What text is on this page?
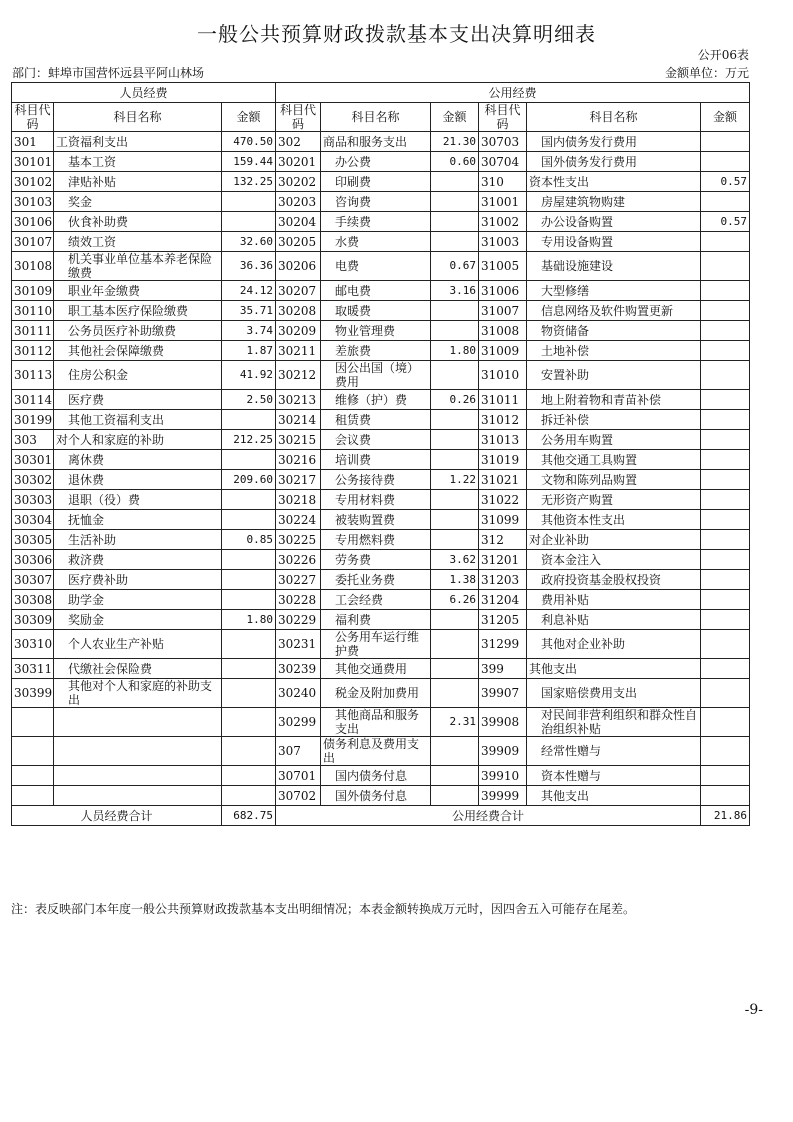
一般公共预算财政拨款基本支出决算明细表
公开06表
部门：蚌埠市国营怀远县平阿山林场	金额单位：万元
人员经费			公用经费					
科目代码	科目名称	金额	科目代码	科目名称	金额	科目代码	科目名称	金额
301	工资福利支出	470.50	302	商品和服务支出	21.30	30703	国内债务发行费用	
30101	基本工资	159.44	30201	办公费	0.60	30704	国外债务发行费用	
30102	津贴补贴	132.25	30202	印刷费		310	资本性支出	0.57
30103	奖金		30203	咨询费		31001	房屋建筑物购建	
30106	伙食补助费		30204	手续费		31002	办公设备购置	0.57
30107	绩效工资	32.60	30205	水费		31003	专用设备购置	
30108	机关事业单位基本养老保险缴费	36.36	30206	电费	0.67	31005	基础设施建设	
30109	职业年金缴费	24.12	30207	邮电费	3.16	31006	大型修缮	
30110	职工基本医疗保险缴费	35.71	30208	取暖费		31007	信息网络及软件购置更新	
30111	公务员医疗补助缴费	3.74	30209	物业管理费		31008	物资储备	
30112	其他社会保障缴费	1.87	30211	差旅费	1.80	31009	土地补偿	
30113	住房公积金	41.92	30212	因公出国（境）费用		31010	安置补助	
30114	医疗费	2.50	30213	维修（护）费	0.26	31011	地上附着物和青苗补偿	
30199	其他工资福利支出		30214	租赁费		31012	拆迁补偿	
303	对个人和家庭的补助	212.25	30215	会议费		31013	公务用车购置	
30301	离休费		30216	培训费		31019	其他交通工具购置	
30302	退休费	209.60	30217	公务接待费	1.22	31021	文物和陈列品购置	
30303	退职（役）费		30218	专用材料费		31022	无形资产购置	
30304	抚恤金		30224	被装购置费		31099	其他资本性支出	
30305	生活补助	0.85	30225	专用燃料费		312	对企业补助	
30306	救济费		30226	劳务费	3.62	31201	资本金注入	
30307	医疗费补助		30227	委托业务费	1.38	31203	政府投资基金股权投资	
30308	助学金		30228	工会经费	6.26	31204	费用补贴	
30309	奖励金	1.80	30229	福利费		31205	利息补贴	
30310	个人农业生产补贴		30231	公务用车运行维护费		31299	其他对企业补助	
30311	代缴社会保险费		30239	其他交通费用		399	其他支出	
30399	其他对个人和家庭的补助支出		30240	税金及附加费用		39907	国家赔偿费用支出	
			30299	其他商品和服务支出	2.31	39908	对民间非营利组织和群众性自治组织补贴	
			307	债务利息及费用支出		39909	经常性赠与	
			30701	国内债务付息		39910	资本性赠与	
			30702	国外债务付息		39999	其他支出	
人员经费合计		682.75	公用经费合计					21.86
注：表反映部门本年度一般公共预算财政拨款基本支出明细情况；本表金额转换成万元时，因四舍五入可能存在尾差。
-9-
